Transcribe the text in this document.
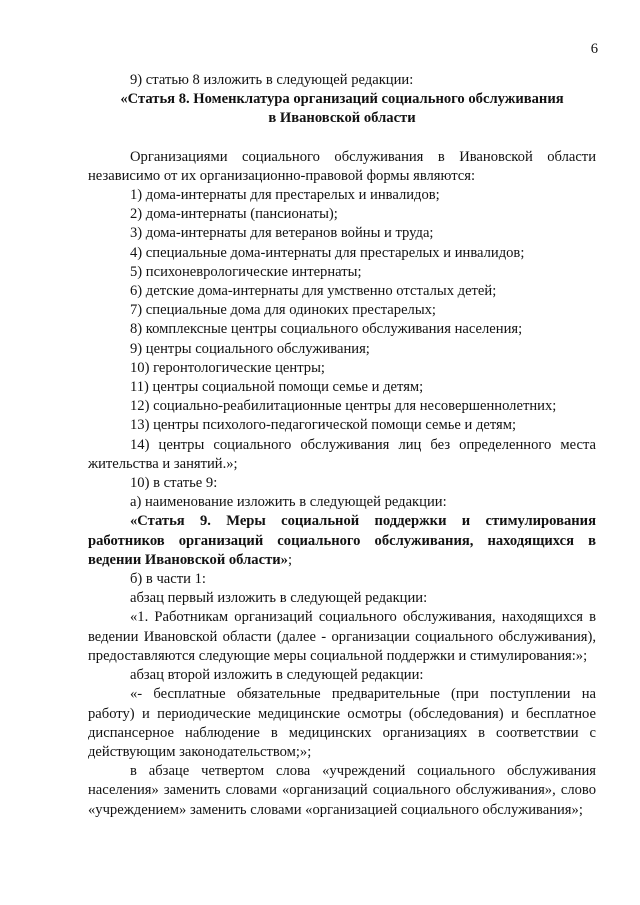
6

9) статью 8 изложить в следующей редакции:

«Статья 8. Номенклатура организаций социального обслуживания
в Ивановской области

Организациями социального обслуживания в Ивановской области независимо от их организационно-правовой формы являются:

1) дома-интернаты для престарелых и инвалидов;

2) дома-интернаты (пансионаты);

3) дома-интернаты для ветеранов войны и труда;

4) специальные дома-интернаты для престарелых и инвалидов;

5) психоневрологические интернаты;

6) детские дома-интернаты для умственно отсталых детей;

7) специальные дома для одиноких престарелых;

8) комплексные центры социального обслуживания населения;

9) центры социального обслуживания;

10) геронтологические центры;

11) центры социальной помощи семье и детям;

12) социально-реабилитационные центры для несовершеннолетних;

13) центры психолого-педагогической помощи семье и детям;

14) центры социального обслуживания лиц без определенного места жительства и занятий.»;

10) в статье 9:

а) наименование изложить в следующей редакции:

«Статья 9. Меры социальной поддержки и стимулирования работников организаций социального обслуживания, находящихся в ведении Ивановской области»;

б) в части 1:

абзац первый изложить в следующей редакции:

«1. Работникам организаций социального обслуживания, находящихся в ведении Ивановской области (далее - организации социального обслуживания), предоставляются следующие меры социальной поддержки и стимулирования:»;

абзац второй изложить в следующей редакции:

«- бесплатные обязательные предварительные (при поступлении на работу) и периодические медицинские осмотры (обследования) и бесплатное диспансерное наблюдение в медицинских организациях в соответствии с действующим законодательством;»;

в абзаце четвертом слова «учреждений социального обслуживания населения» заменить словами «организаций социального обслуживания», слово «учреждением» заменить словами «организацией социального обслуживания»;
